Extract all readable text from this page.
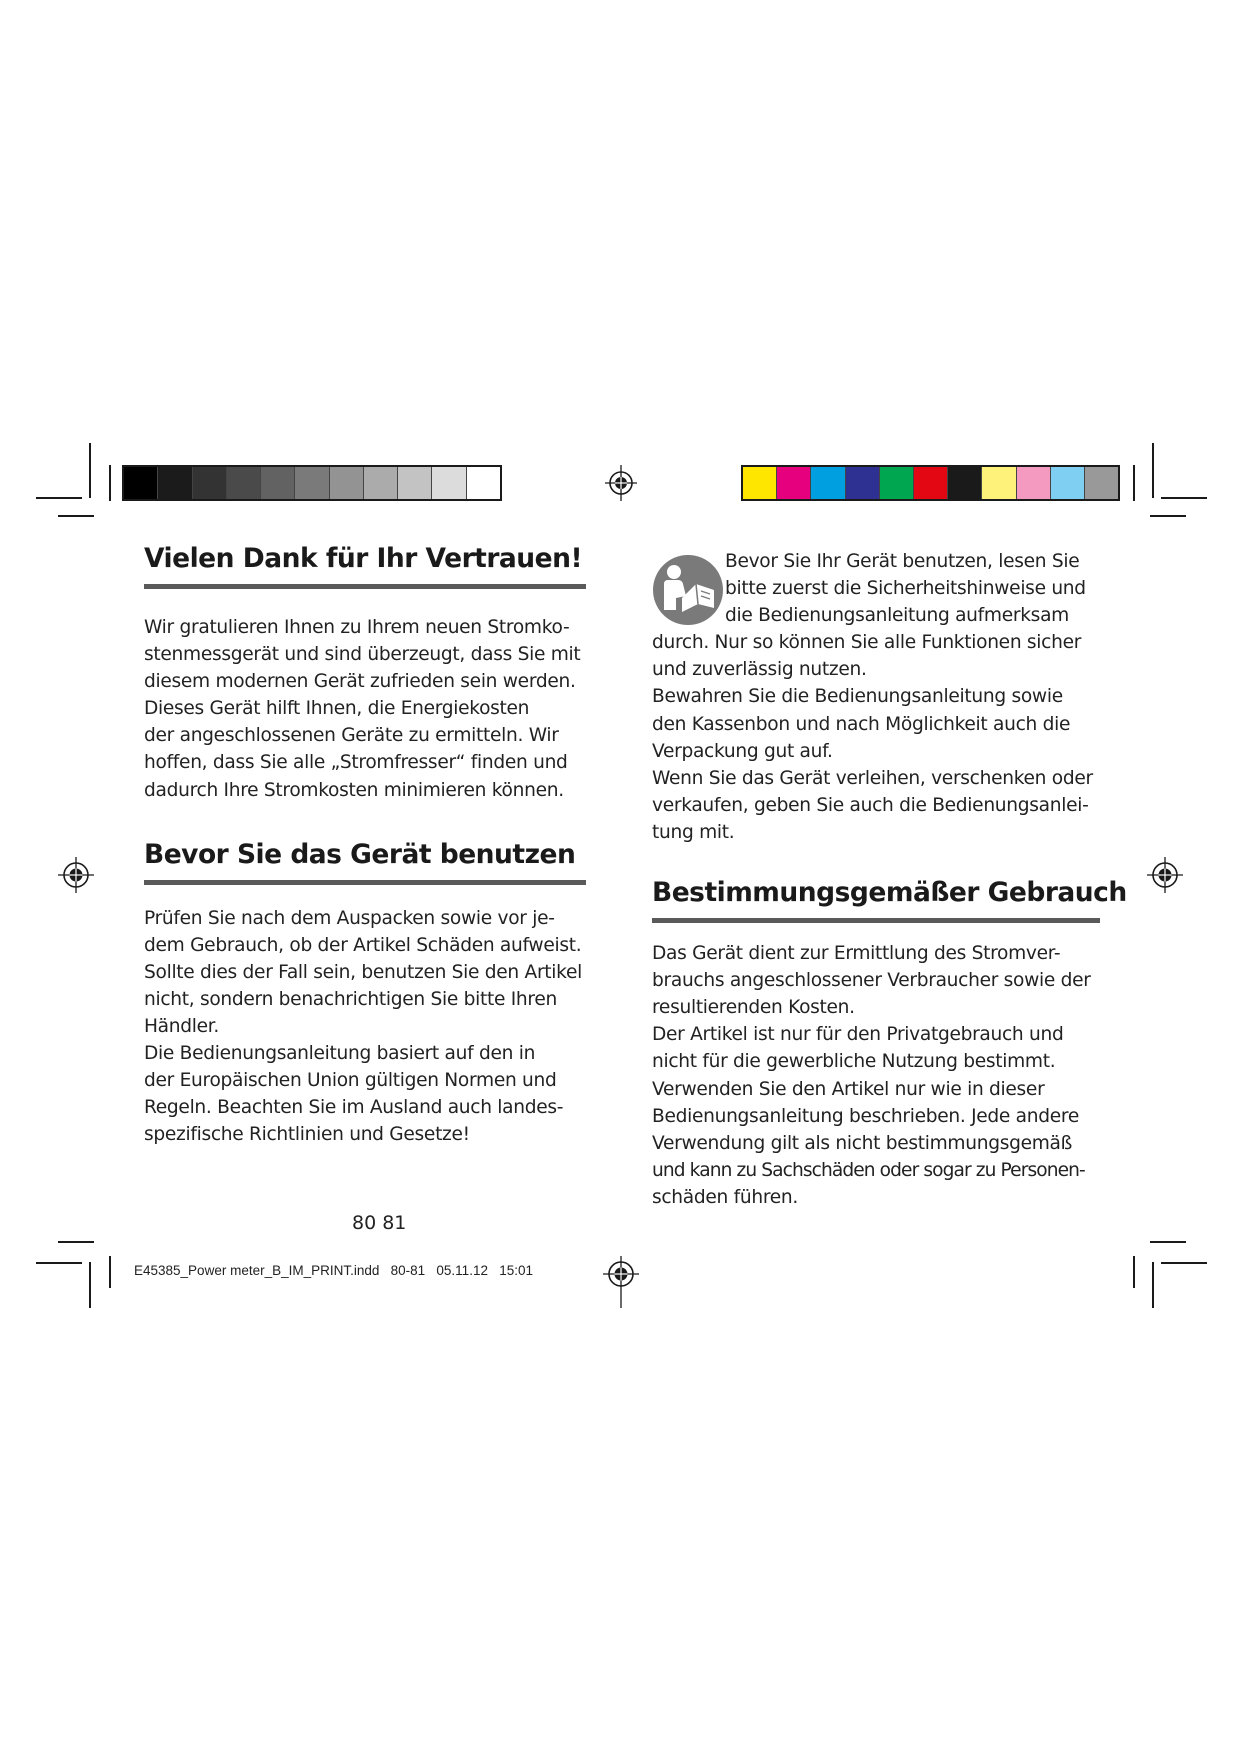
Vielen Dank für Ihr Vertrauen!

Wir gratulieren Ihnen zu Ihrem neuen Stromko-

stenmessgerät und sind überzeugt, dass Sie mit

diesem modernen Gerät zufrieden sein werden.

Dieses Gerät hilft Ihnen, die Energiekosten

der angeschlossenen Geräte zu ermitteln. Wir

hoffen, dass Sie alle „Stromfresser“ finden und

dadurch Ihre Stromkosten minimieren können.

Bevor Sie das Gerät benutzen

Prüfen Sie nach dem Auspacken sowie vor je-

dem Gebrauch, ob der Artikel Schäden aufweist.

Sollte dies der Fall sein, benutzen Sie den Artikel

nicht, sondern benachrichtigen Sie bitte Ihren

Händler.

Die Bedienungsanleitung basiert auf den in

der Europäischen Union gültigen Normen und

Regeln. Beachten Sie im Ausland auch landes-

spezifische Richtlinien und Gesetze!

Bevor Sie Ihr Gerät benutzen, lesen Sie

bitte zuerst die Sicherheitshinweise und

die Bedienungsanleitung aufmerksam

durch. Nur so können Sie alle Funktionen sicher

und zuverlässig nutzen.

Bewahren Sie die Bedienungsanleitung sowie

den Kassenbon und nach Möglichkeit auch die

Verpackung gut auf.

Wenn Sie das Gerät verleihen, verschenken oder

verkaufen, geben Sie auch die Bedienungsanlei-

tung mit.

Bestimmungsgemäßer Gebrauch

Das Gerät dient zur Ermittlung des Stromver-

brauchs angeschlossener Verbraucher sowie der

resultierenden Kosten.

Der Artikel ist nur für den Privatgebrauch und

nicht für die gewerbliche Nutzung bestimmt.

Verwenden Sie den Artikel nur wie in dieser

Bedienungsanleitung beschrieben. Jede andere

Verwendung gilt als nicht bestimmungsgemäß

und kann zu Sachschäden oder sogar zu Personen-

schäden führen.

80 81
E45385_Power meter_B_IM_PRINT.indd   80-81   05.11.12   15:01
